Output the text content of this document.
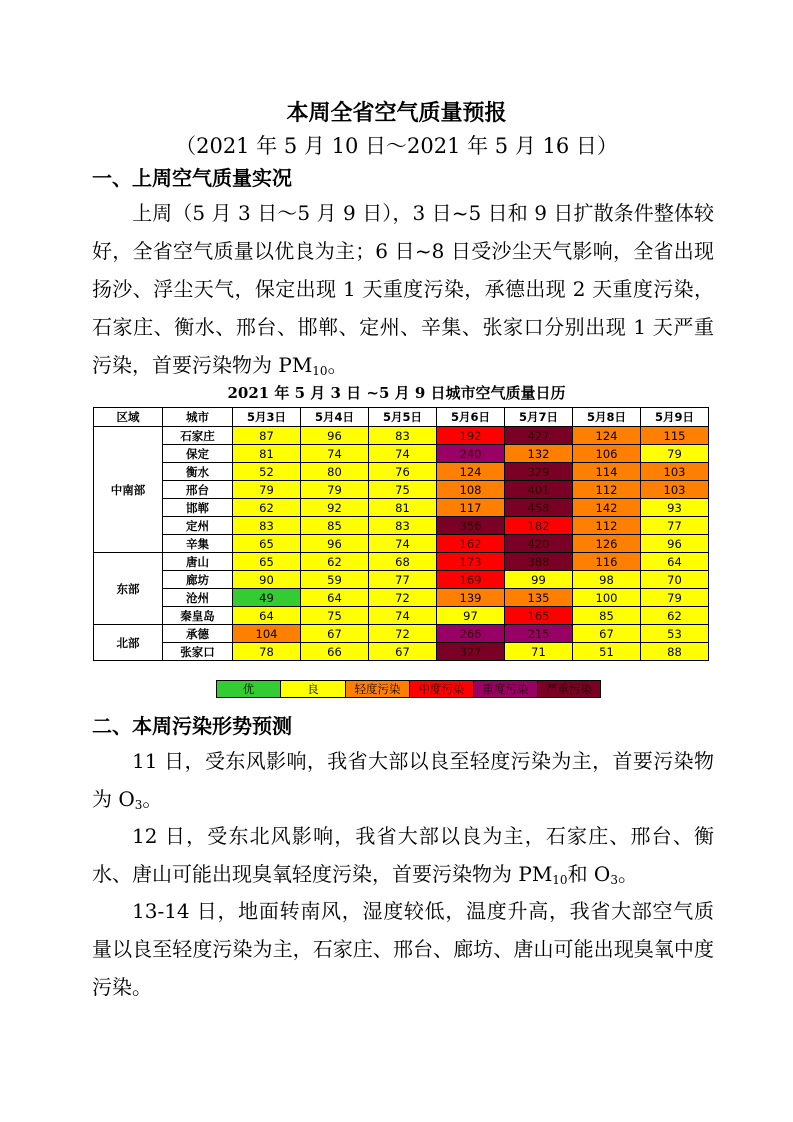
本周全省空气质量预报
（2021 年 5 月 10 日～2021 年 5 月 16 日）
一、上周空气质量实况
上周（5 月 3 日～5 月 9 日），3 日~5 日和 9 日扩散条件整体较好，全省空气质量以优良为主；6 日~8 日受沙尘天气影响，全省出现扬沙、浮尘天气，保定出现 1 天重度污染，承德出现 2 天重度污染，石家庄、衡水、邢台、邯郸、定州、辛集、张家口分别出现 1 天严重污染，首要污染物为 $PM_{10}$。
2021 年 5 月 3 日 ~5 月 9 日城市空气质量日历
区域	城市	5月3日	5月4日	5月5日	5月6日	5月7日	5月8日	5月9日
中南部	石家庄	87	96	83	192	427	124	115
	保定	81	74	74	240	132	106	79
	衡水	52	80	76	124	329	114	103
	邢台	79	79	75	108	401	112	103
	邯郸	62	92	81	117	458	142	93
	定州	83	85	83	356	182	112	77
	辛集	65	96	74	162	420	126	96
东部	唐山	65	62	68	173	388	116	64
	廊坊	90	59	77	169	99	98	70
	沧州	49	64	72	139	135	100	79
	秦皇岛	64	75	74	97	165	85	62
北部	承德	104	67	72	266	215	67	53
	张家口	78	66	67	327	71	51	88
优	良	轻度污染	中度污染	重度污染	严重污染
二、本周污染形势预测
11 日，受东风影响，我省大部以良至轻度污染为主，首要污染物为 $O_3$。
12 日，受东北风影响，我省大部以良为主，石家庄、邢台、衡水、唐山可能出现臭氧轻度污染，首要污染物为 $PM_{10}$和 $O_3$。
13-14 日，地面转南风，湿度较低，温度升高，我省大部空气质量以良至轻度污染为主，石家庄、邢台、廊坊、唐山可能出现臭氧中度污染。
